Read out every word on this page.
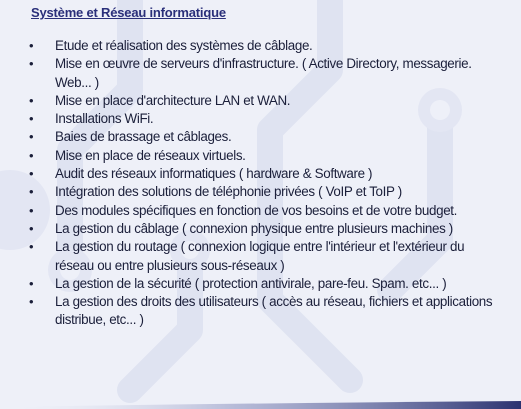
Système et Réseau informatique
•	Etude et réalisation des systèmes de câblage.
•	Mise en œuvre de serveurs d'infrastructure. ( Active Directory, messagerie. Web... )
•	Mise en place d'architecture LAN et WAN.
•	Installations WiFi.
•	Baies de brassage et câblages.
•	Mise en place de réseaux virtuels.
•	Audit des réseaux informatiques ( hardware & Software )
•	Intégration des solutions de téléphonie privées ( VoIP et ToIP )
•	Des modules spécifiques en fonction de vos besoins et de votre budget.
•	La gestion du câblage ( connexion physique entre plusieurs machines )
•	La gestion du routage ( connexion logique entre l'intérieur et l'extérieur du réseau ou entre plusieurs sous-réseaux )
•	La gestion de la sécurité ( protection antivirale, pare-feu. Spam. etc... )
•	La gestion des droits des utilisateurs ( accès au réseau, fichiers et applications distribue, etc... )
